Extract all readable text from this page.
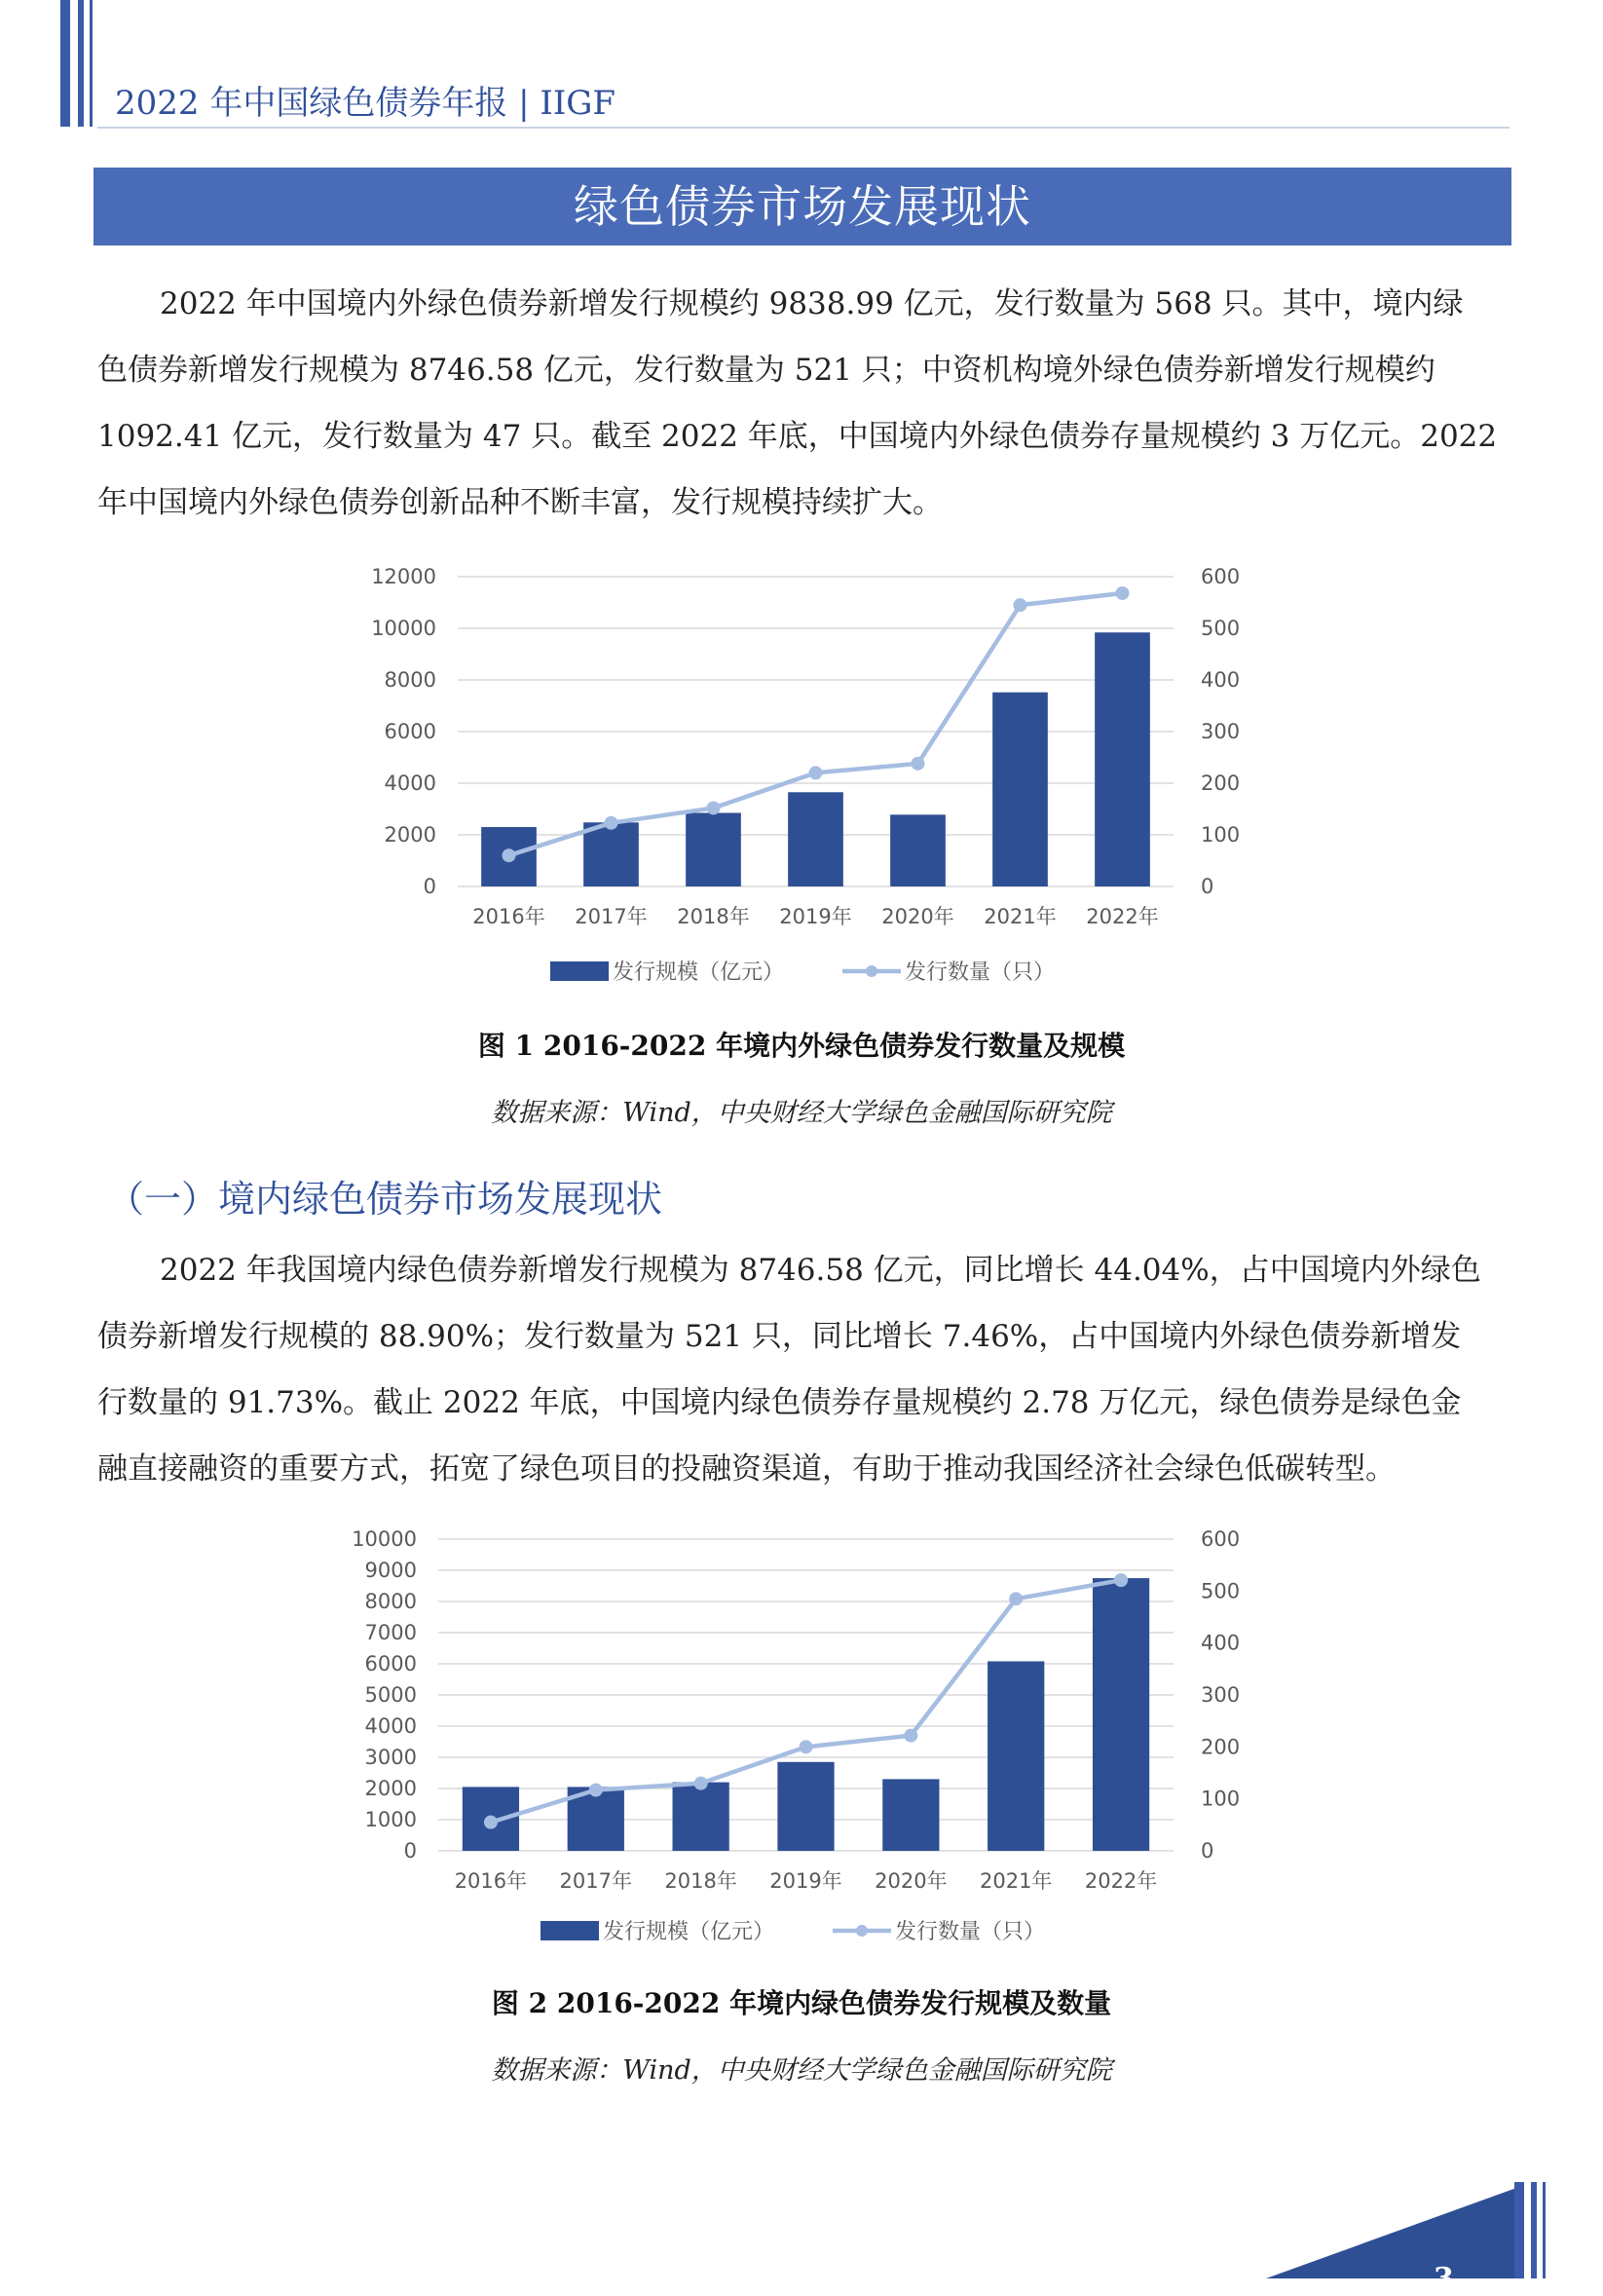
2022 年中国绿色债券年报 | IIGF
绿色债券市场发展现状
2022 年中国境内外绿色债券新增发行规模约 9838.99 亿元，发行数量为 568 只。其中，境内绿
色债券新增发行规模为 8746.58 亿元，发行数量为 521 只；中资机构境外绿色债券新增发行规模约
1092.41 亿元，发行数量为 47 只。截至 2022 年底，中国境内外绿色债券存量规模约 3 万亿元。2022
年中国境内外绿色债券创新品种不断丰富，发行规模持续扩大。
0
2000
4000
6000
8000
10000
12000
0
100
200
300
400
500
600
2016年 2017年 2018年 2019年 2020年 2021年 2022年
发行规模（亿元）	发行数量（只）
图 1 2016-2022 年境内外绿色债券发行数量及规模
数据来源：Wind，中央财经大学绿色金融国际研究院
（一）境内绿色债券市场发展现状
2022 年我国境内绿色债券新增发行规模为 8746.58 亿元，同比增长 44.04%，占中国境内外绿色
债券新增发行规模的 88.90%；发行数量为 521 只，同比增长 7.46%，占中国境内外绿色债券新增发
行数量的 91.73%。截止 2022 年底，中国境内绿色债券存量规模约 2.78 万亿元，绿色债券是绿色金
融直接融资的重要方式，拓宽了绿色项目的投融资渠道，有助于推动我国经济社会绿色低碳转型。
0
1000
2000
3000
4000
5000
6000
7000
8000
9000
10000
0
100
200
300
400
500
600
2016年 2017年 2018年 2019年 2020年 2021年 2022年
发行规模（亿元）	发行数量（只）
图 2 2016-2022 年境内绿色债券发行规模及数量
数据来源：Wind，中央财经大学绿色金融国际研究院
3
